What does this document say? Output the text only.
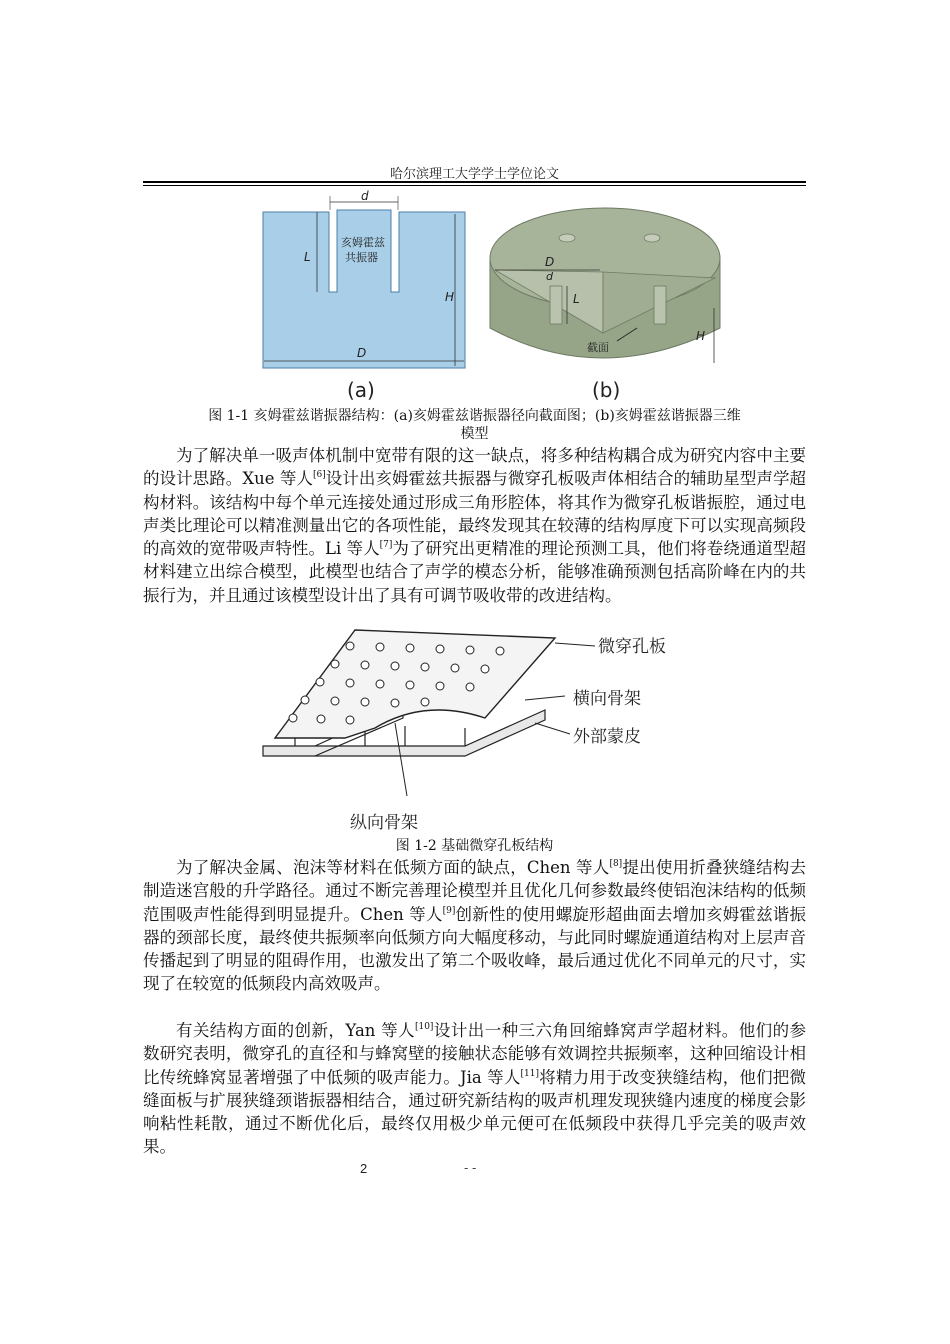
哈尔滨理工大学学士学位论文
d
L
H
D
亥姆霍兹
共振器
(a)
D
d
L
H
截面
(b)
图 1-1 亥姆霍兹谐振器结构：(a)亥姆霍兹谐振器径向截面图；(b)亥姆霍兹谐振器三维
模型
为了解决单一吸声体机制中宽带有限的这一缺点，将多种结构耦合成为研究内容中主要的设计思路。Xue 等人[6]设计出亥姆霍兹共振器与微穿孔板吸声体相结合的辅助星型声学超构材料。该结构中每个单元连接处通过形成三角形腔体，将其作为微穿孔板谐振腔，通过电声类比理论可以精准测量出它的各项性能，最终发现其在较薄的结构厚度下可以实现高频段的高效的宽带吸声特性。Li 等人[7]为了研究出更精准的理论预测工具，他们将卷绕通道型超材料建立出综合模型，此模型也结合了声学的模态分析，能够准确预测包括高阶峰在内的共振行为，并且通过该模型设计出了具有可调节吸收带的改进结构。
微穿孔板
横向骨架
外部蒙皮
纵向骨架
图 1-2 基础微穿孔板结构
为了解决金属、泡沫等材料在低频方面的缺点，Chen 等人[8]提出使用折叠狭缝结构去制造迷宫般的升学路径。通过不断完善理论模型并且优化几何参数最终使铝泡沫结构的低频范围吸声性能得到明显提升。Chen 等人[9]创新性的使用螺旋形超曲面去增加亥姆霍兹谐振器的颈部长度，最终使共振频率向低频方向大幅度移动，与此同时螺旋通道结构对上层声音传播起到了明显的阻碍作用，也激发出了第二个吸收峰，最后通过优化不同单元的尺寸，实现了在较宽的低频段内高效吸声。
有关结构方面的创新，Yan 等人[10]设计出一种三六角回缩蜂窝声学超材料。他们的参数研究表明，微穿孔的直径和与蜂窝壁的接触状态能够有效调控共振频率，这种回缩设计相比传统蜂窝显著增强了中低频的吸声能力。Jia 等人[11]将精力用于改变狭缝结构，他们把微缝面板与扩展狭缝颈谐振器相结合，通过研究新结构的吸声机理发现狭缝内速度的梯度会影响粘性耗散，通过不断优化后，最终仅用极少单元便可在低频段中获得几乎完美的吸声效果。
2	- -
